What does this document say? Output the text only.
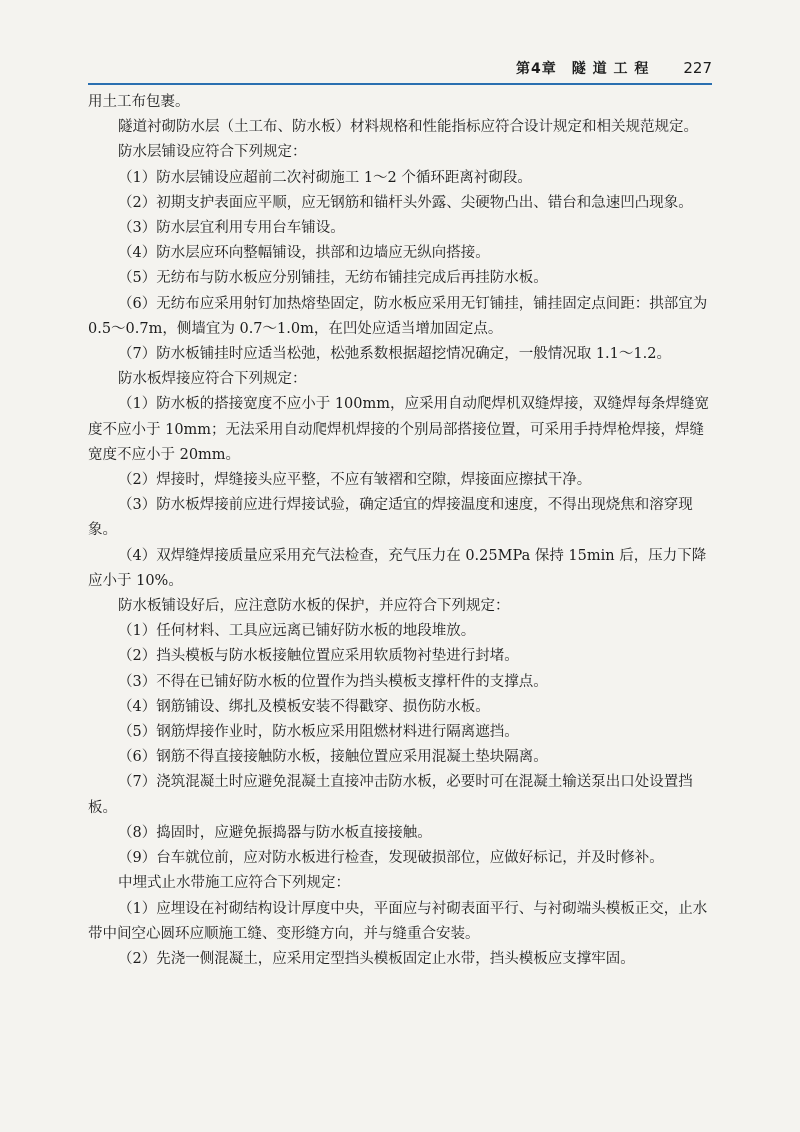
第4章　隧 道 工 程 227

用土工布包裹。

隧道衬砌防水层（土工布、防水板）材料规格和性能指标应符合设计规定和相关规范规定。

防水层铺设应符合下列规定：

（1）防水层铺设应超前二次衬砌施工 1～2 个循环距离衬砌段。

（2）初期支护表面应平顺，应无钢筋和锚杆头外露、尖硬物凸出、错台和急速凹凸现象。

（3）防水层宜利用专用台车铺设。

（4）防水层应环向整幅铺设，拱部和边墙应无纵向搭接。

（5）无纺布与防水板应分别铺挂，无纺布铺挂完成后再挂防水板。

（6）无纺布应采用射钉加热熔垫固定，防水板应采用无钉铺挂，铺挂固定点间距：拱部宜为 0.5～0.7m，侧墙宜为 0.7～1.0m，在凹处应适当增加固定点。

（7）防水板铺挂时应适当松弛，松弛系数根据超挖情况确定，一般情况取 1.1～1.2。

防水板焊接应符合下列规定：

（1）防水板的搭接宽度不应小于 100mm，应采用自动爬焊机双缝焊接，双缝焊每条焊缝宽度不应小于 10mm；无法采用自动爬焊机焊接的个别局部搭接位置，可采用手持焊枪焊接，焊缝宽度不应小于 20mm。

（2）焊接时，焊缝接头应平整，不应有皱褶和空隙，焊接面应擦拭干净。

（3）防水板焊接前应进行焊接试验，确定适宜的焊接温度和速度，不得出现烧焦和溶穿现象。

（4）双焊缝焊接质量应采用充气法检查，充气压力在 0.25MPa 保持 15min 后，压力下降应小于 10%。

防水板铺设好后，应注意防水板的保护，并应符合下列规定：

（1）任何材料、工具应远离已铺好防水板的地段堆放。

（2）挡头模板与防水板接触位置应采用软质物衬垫进行封堵。

（3）不得在已铺好防水板的位置作为挡头模板支撑杆件的支撑点。

（4）钢筋铺设、绑扎及模板安装不得戳穿、损伤防水板。

（5）钢筋焊接作业时，防水板应采用阻燃材料进行隔离遮挡。

（6）钢筋不得直接接触防水板，接触位置应采用混凝土垫块隔离。

（7）浇筑混凝土时应避免混凝土直接冲击防水板，必要时可在混凝土输送泵出口处设置挡板。

（8）捣固时，应避免振捣器与防水板直接接触。

（9）台车就位前，应对防水板进行检查，发现破损部位，应做好标记，并及时修补。

中埋式止水带施工应符合下列规定：

（1）应埋设在衬砌结构设计厚度中央，平面应与衬砌表面平行、与衬砌端头模板正交，止水带中间空心圆环应顺施工缝、变形缝方向，并与缝重合安装。

（2）先浇一侧混凝土，应采用定型挡头模板固定止水带，挡头模板应支撑牢固。
